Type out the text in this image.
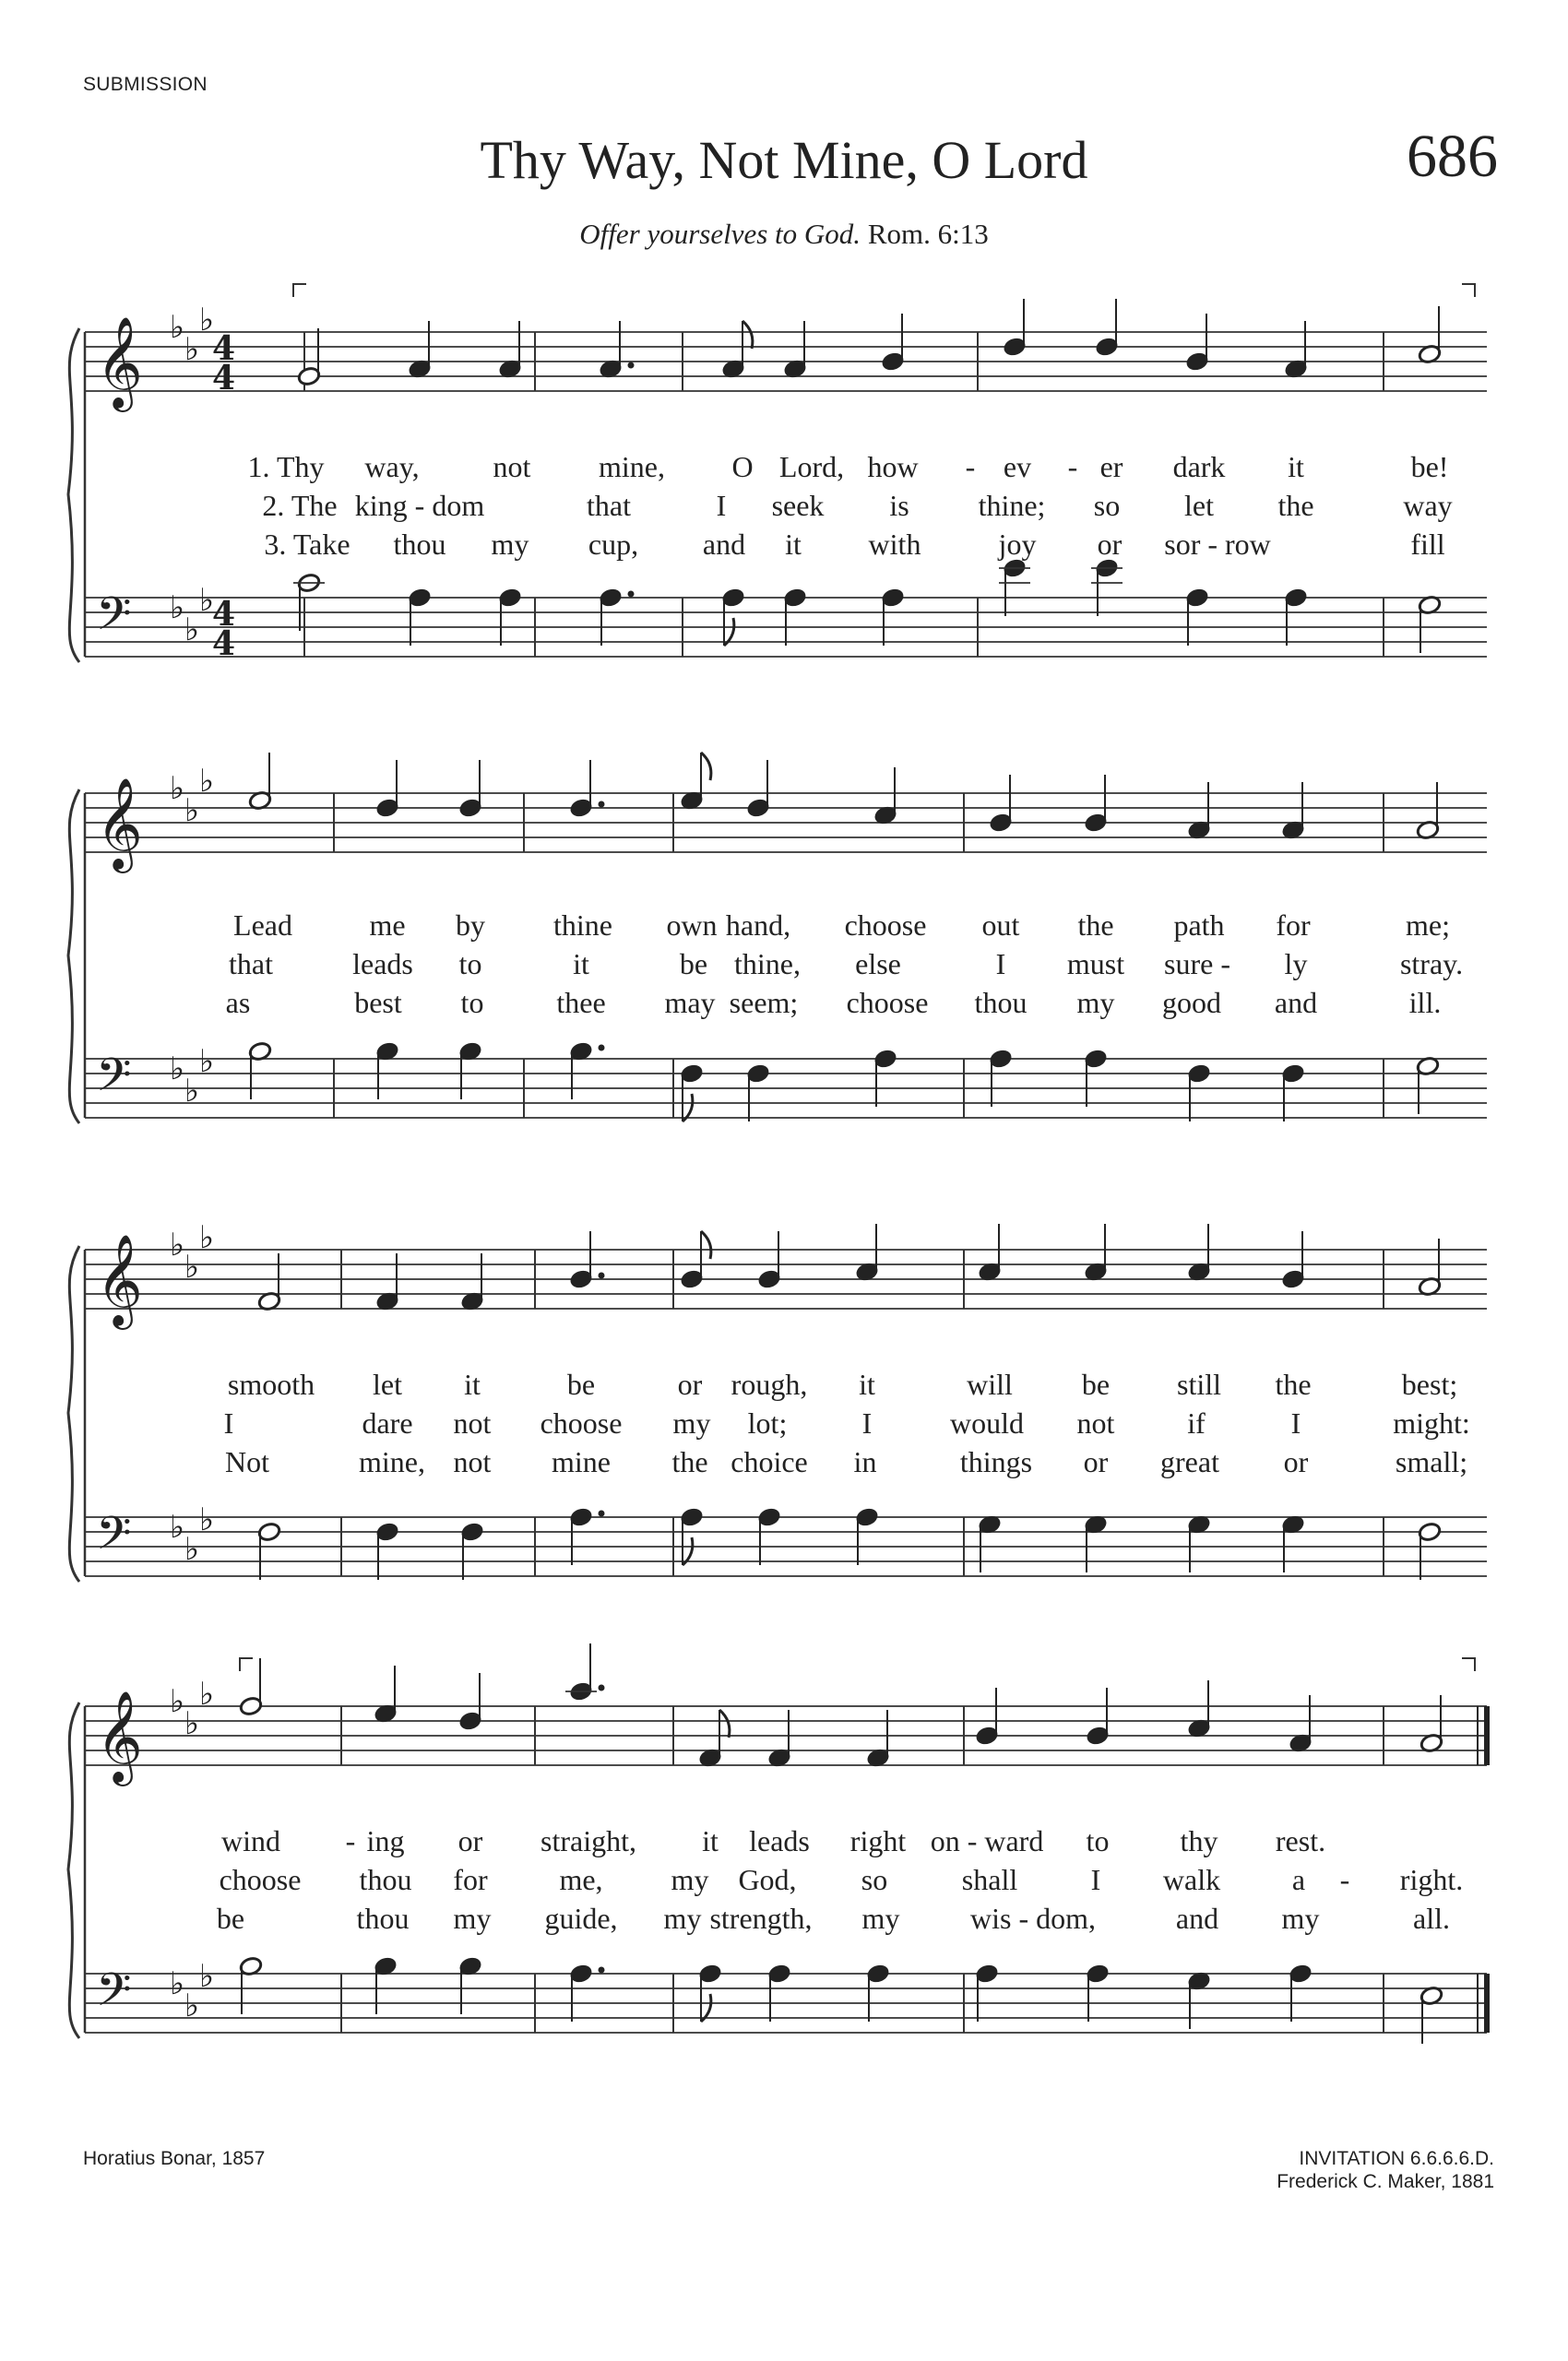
SUBMISSION
Thy Way, Not Mine, O Lord	686
Offer yourselves to God. Rom. 6:13
𝄞
𝄢
♭
♭
♭
♭
♭
♭
4
4
4
4
𝄞
𝄢
♭
♭
♭
♭
♭
♭
𝄞
𝄢
♭
♭
♭
♭
♭
♭
𝄞
𝄢
♭
♭
♭
♭
♭
♭
1. Thy way, not mine, O Lord, how - ev - er dark it	be!
2. The king - dom	that	I seek is thine; so let the	way
3. Take thou my cup, and it with	joy or sor - row	fill
Lead	me by thine own hand, choose out the path for	me;
that	leads to	it	be thine, else	I must sure - ly	stray.
as	best to thee may seem; choose thou my good and	ill.
smooth let it	be	or rough, it	will be still the	best;
I	dare not choose my lot;	I	would not if	I	might:
Not	mine, not mine the choice in	things or great or	small;
wind - ing or straight, it leads right on - ward to thy rest.
choose thou for me, my God, so	shall I walk a - right.
be	thou my guide, my strength, my wis - dom,	and my	all.
Horatius Bonar, 1857	INVITATION 6.6.6.6.D.
Frederick C. Maker, 1881
